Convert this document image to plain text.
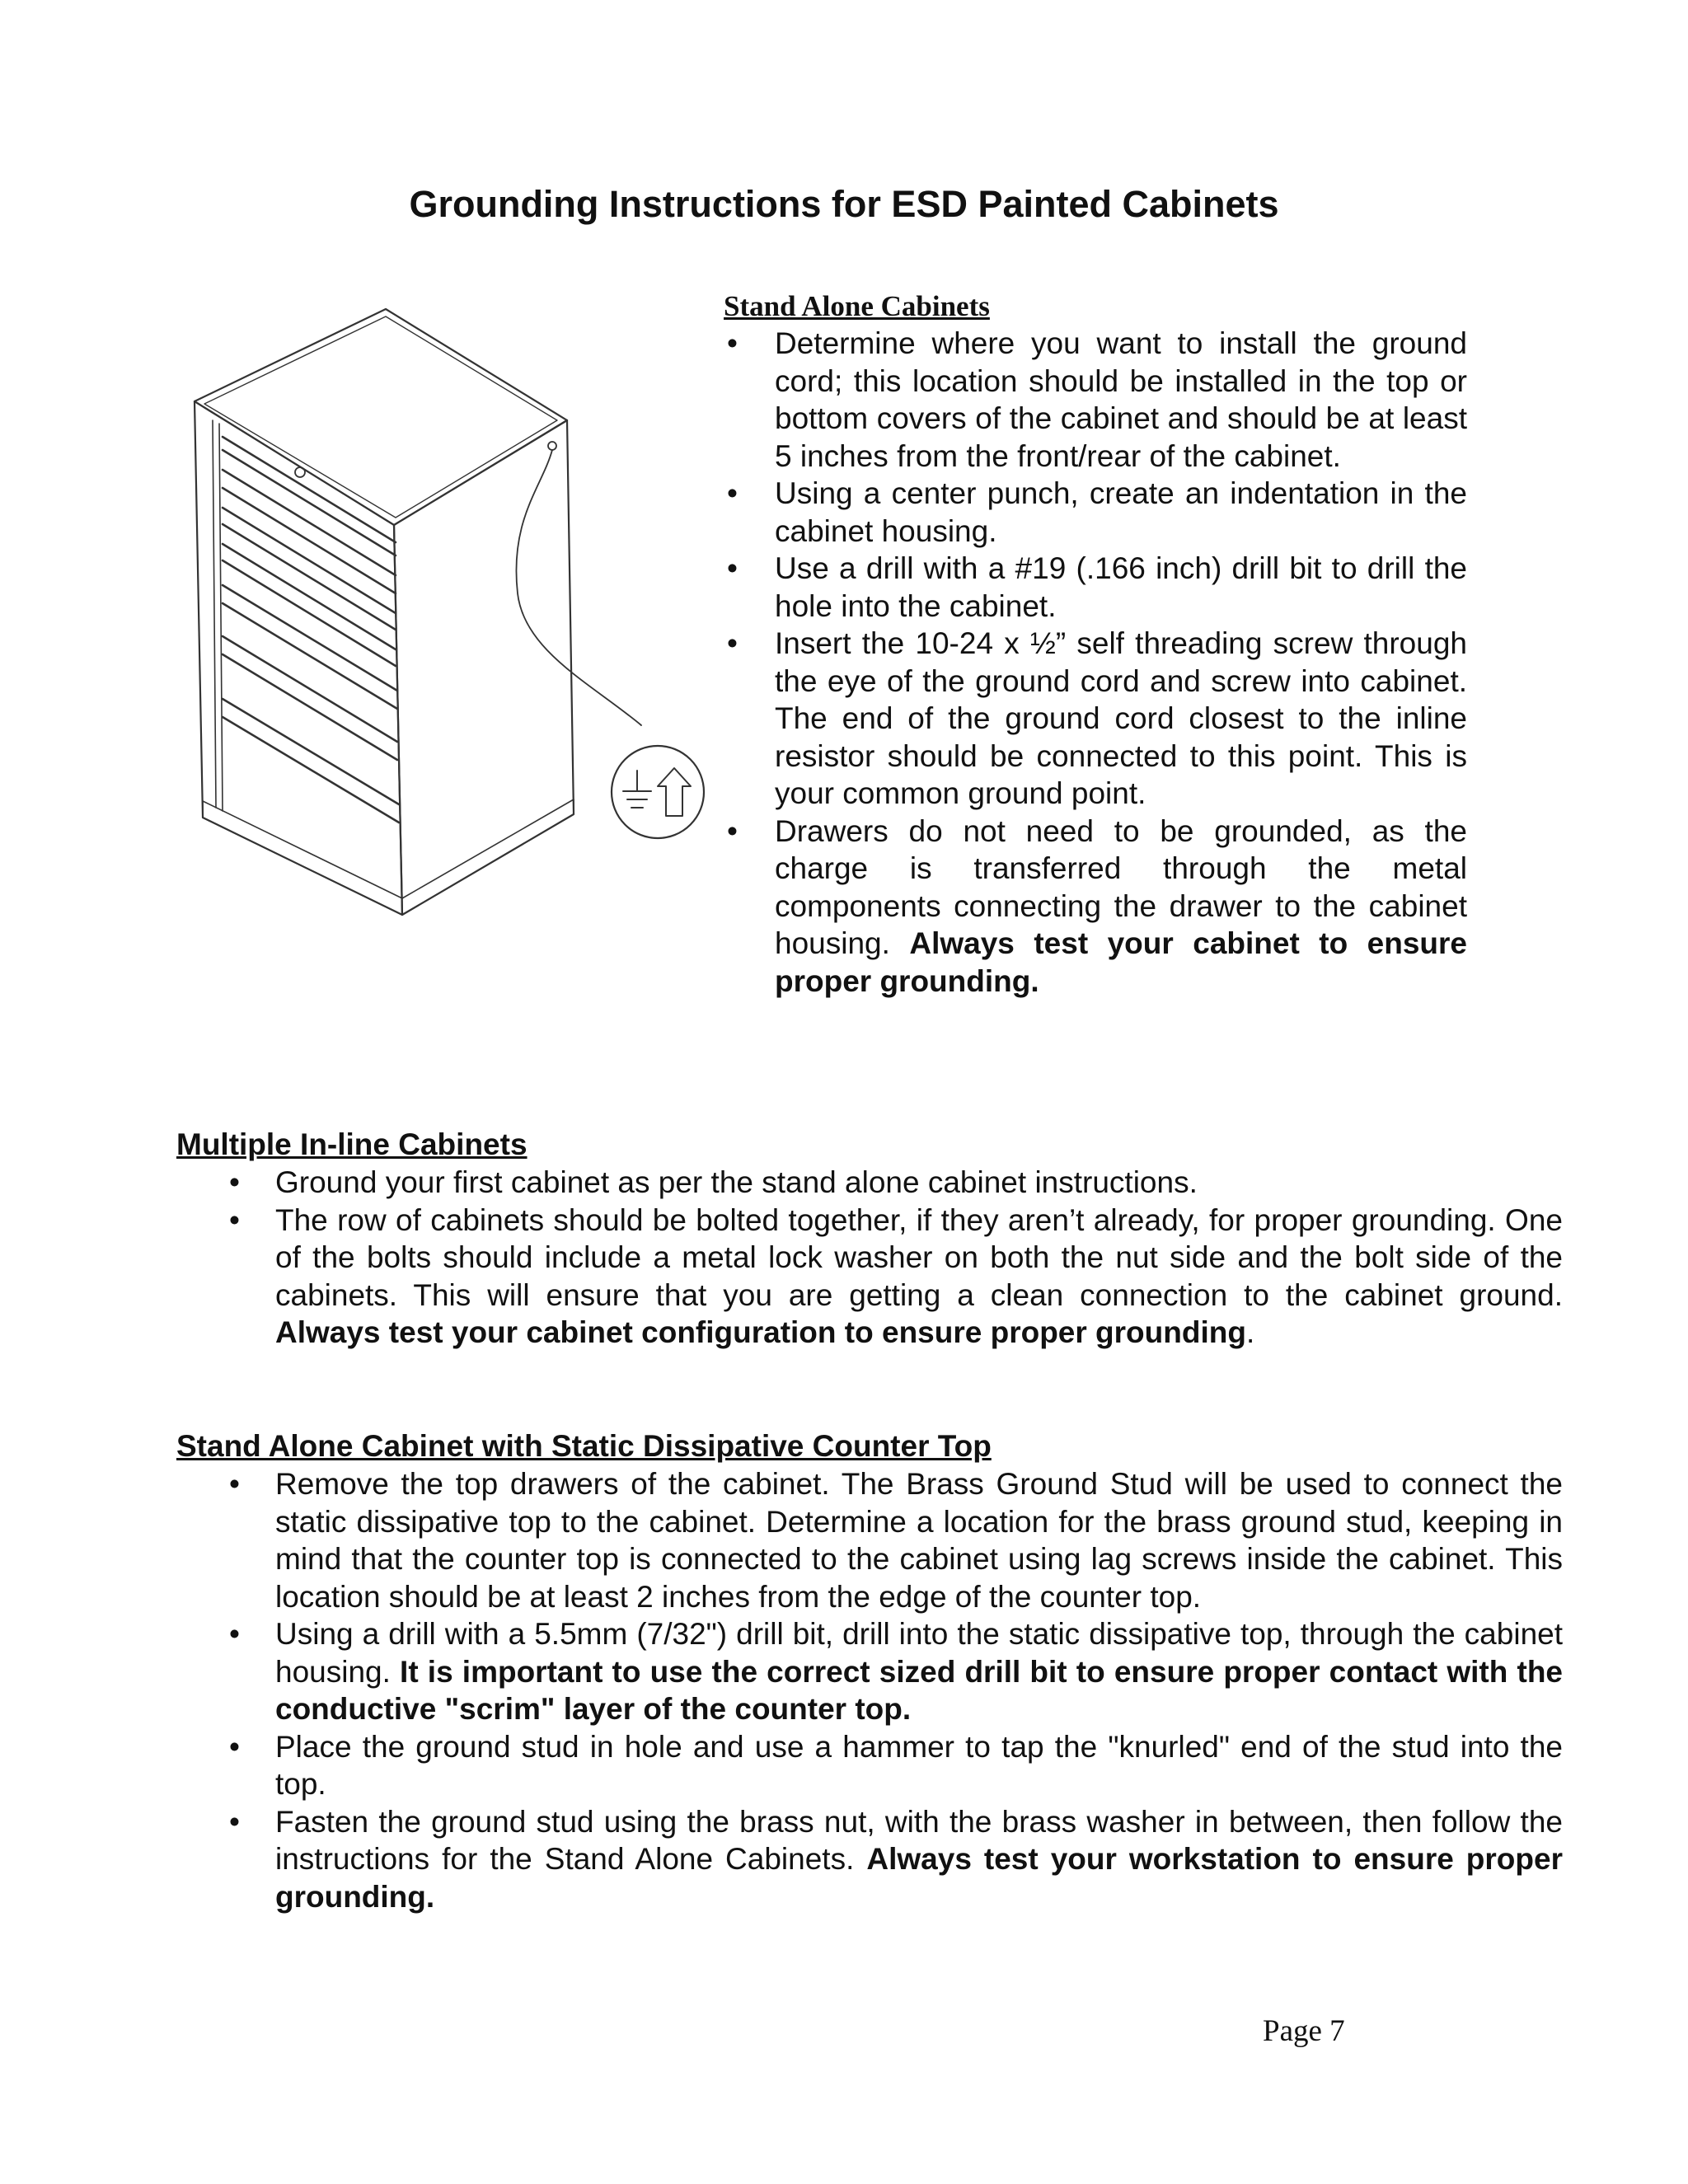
Grounding Instructions for ESD Painted Cabinets
Stand Alone Cabinets
• Determine where you want to install the ground cord; this location should be installed in the top or bottom covers of the cabinet and should be at least 5 inches from the front/rear of the cabinet.
• Using a center punch, create an indentation in the cabinet housing.
• Use a drill with a #19 (.166 inch) drill bit to drill the hole into the cabinet.
• Insert the 10-24 x ½” self threading screw through the eye of the ground cord and screw into cabinet. The end of the ground cord closest to the inline resistor should be connected to this point. This is your common ground point.
• Drawers do not need to be grounded, as the charge is transferred through the metal components connecting the drawer to the cabinet housing. Always test your cabinet to ensure proper grounding.
Multiple In-line Cabinets
• Ground your first cabinet as per the stand alone cabinet instructions.
• The row of cabinets should be bolted together, if they aren’t already, for proper grounding. One of the bolts should include a metal lock washer on both the nut side and the bolt side of the cabinets. This will ensure that you are getting a clean connection to the cabinet ground. Always test your cabinet configuration to ensure proper grounding.
Stand Alone Cabinet with Static Dissipative Counter Top
• Remove the top drawers of the cabinet. The Brass Ground Stud will be used to connect the static dissipative top to the cabinet. Determine a location for the brass ground stud, keeping in mind that the counter top is connected to the cabinet using lag screws inside the cabinet. This location should be at least 2 inches from the edge of the counter top.
• Using a drill with a 5.5mm (7/32") drill bit, drill into the static dissipative top, through the cabinet housing. It is important to use the correct sized drill bit to ensure proper contact with the conductive "scrim" layer of the counter top.
• Place the ground stud in hole and use a hammer to tap the "knurled" end of the stud into the top.
• Fasten the ground stud using the brass nut, with the brass washer in between, then follow the instructions for the Stand Alone Cabinets. Always test your workstation to ensure proper grounding.
Page 7
